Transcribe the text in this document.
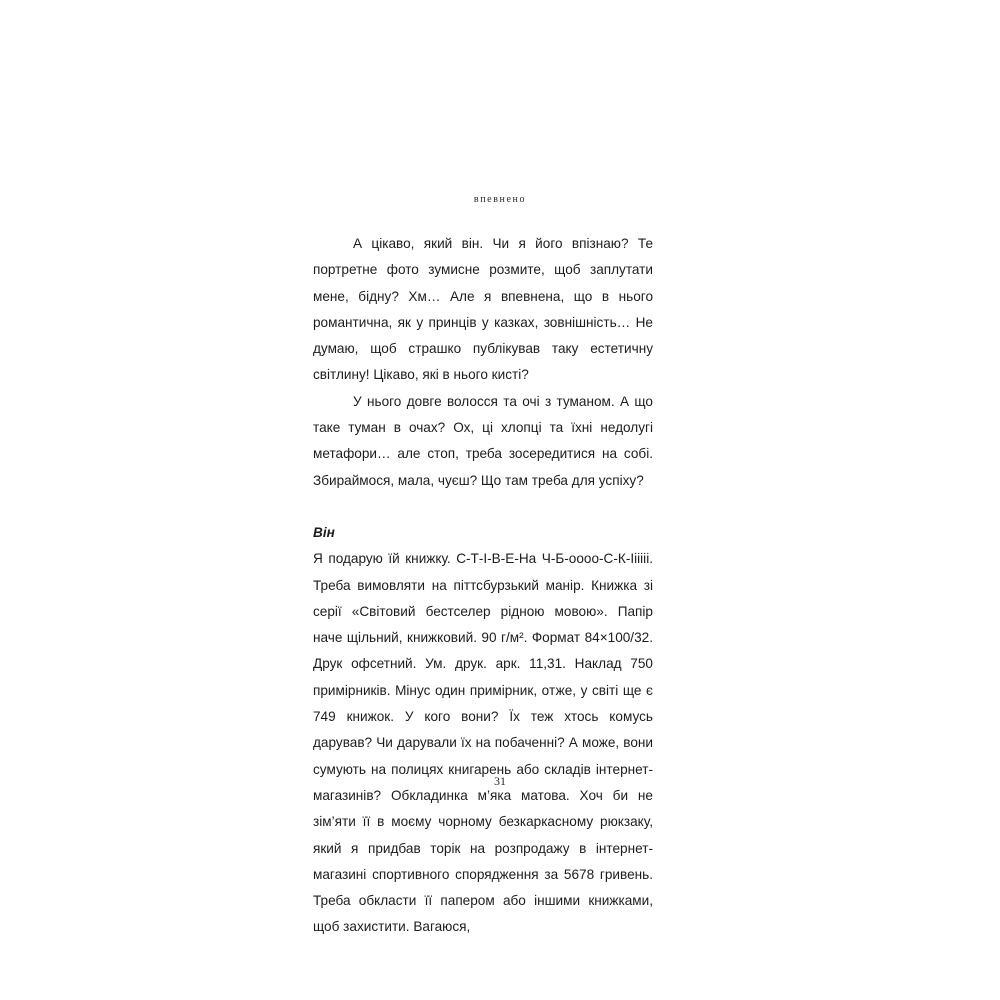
впевнено

А цікаво, який він. Чи я його впізнаю? Те портретне фото зумисне розмите, щоб заплутати мене, бідну? Хм… Але я впевнена, що в нього романтична, як у принців у казках, зовнішність… Не думаю, щоб страшко публікував таку естетичну світлину! Цікаво, які в нього кисті?

У нього довге волосся та очі з туманом. А що таке туман в очах? Ох, ці хлопці та їхні недолугі метафори… але стоп, треба зосередитися на собі. Збираймося, мала, чуєш? Що там треба для успіху?

Він

Я подарую їй книжку. С-Т-І-В-Е-На Ч-Б-оооо-С-К-Іііііі. Треба вимовляти на піттсбурзький манір. Книжка зі серії «Світовий бестселер рідною мовою». Папір наче щільний, книжковий. 90 г/м². Формат 84×100/32. Друк офсетний. Ум. друк. арк. 11,31. Наклад 750 примірників. Мінус один примірник, отже, у світі ще є 749 книжок. У кого вони? Їх теж хтось комусь дарував? Чи дарували їх на побаченні? А може, вони сумують на полицях книгарень або складів інтернет-магазинів? Обкладинка м’яка матова. Хоч би не зім’яти її в моєму чорному безкаркасному рюкзаку, який я придбав торік на розпродажу в інтернет-магазині спортивного спорядження за 5678 гривень. Треба обкласти її папером або іншими книжками, щоб захистити. Вагаюся,

31
